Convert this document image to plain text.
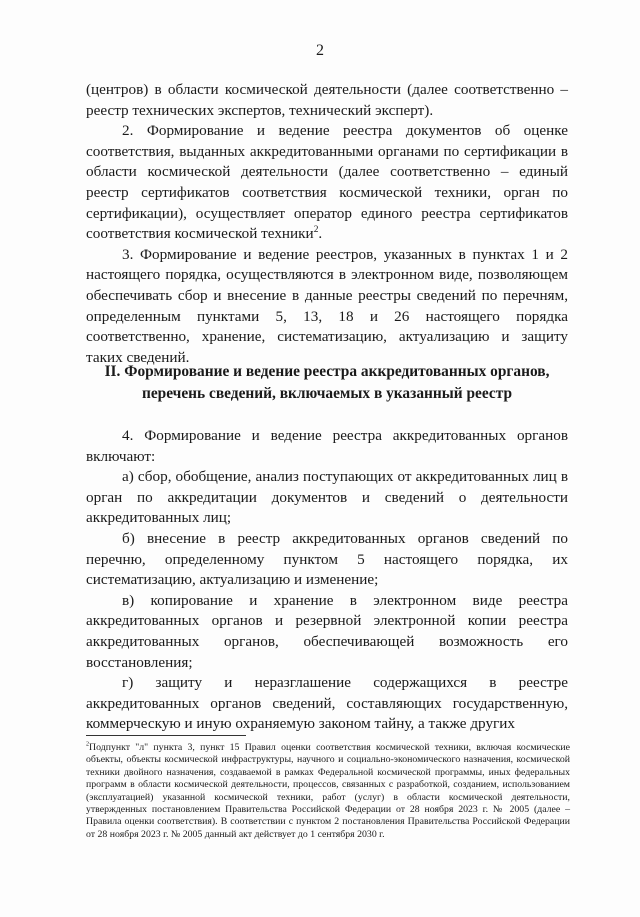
2

(центров) в области космической деятельности (далее соответственно – реестр технических экспертов, технический эксперт).

2. Формирование и ведение реестра документов об оценке соответствия, выданных аккредитованными органами по сертификации в области космической деятельности (далее соответственно – единый реестр сертификатов соответствия космической техники, орган по сертификации), осуществляет оператор единого реестра сертификатов соответствия космической техники$^2$.

3. Формирование и ведение реестров, указанных в пунктах 1 и 2 настоящего порядка, осуществляются в электронном виде, позволяющем обеспечивать сбор и внесение в данные реестры сведений по перечням, определенным пунктами 5, 13, 18 и 26 настоящего порядка соответственно, хранение, систематизацию, актуализацию и защиту таких сведений.

II. Формирование и ведение реестра аккредитованных органов,
перечень сведений, включаемых в указанный реестр

4. Формирование и ведение реестра аккредитованных органов включают:

а) сбор, обобщение, анализ поступающих от аккредитованных лиц в орган по аккредитации документов и сведений о деятельности аккредитованных лиц;

б) внесение в реестр аккредитованных органов сведений по перечню, определенному пунктом 5 настоящего порядка, их систематизацию, актуализацию и изменение;

в) копирование и хранение в электронном виде реестра аккредитованных органов и резервной электронной копии реестра аккредитованных органов, обеспечивающей возможность его восстановления;

г) защиту и неразглашение содержащихся в реестре аккредитованных органов сведений, составляющих государственную, коммерческую и иную охраняемую законом тайну, а также других

$^2$Подпункт "л" пункта 3, пункт 15 Правил оценки соответствия космической техники, включая космические объекты, объекты космической инфраструктуры, научного и социально-экономического назначения, космической техники двойного назначения, создаваемой в рамках Федеральной космической программы, иных федеральных программ в области космической деятельности, процессов, связанных с разработкой, созданием, использованием (эксплуатацией) указанной космической техники, работ (услуг) в области космической деятельности, утвержденных постановлением Правительства Российской Федерации от 28 ноября 2023 г. № 2005 (далее – Правила оценки соответствия). В соответствии с пунктом 2 постановления Правительства Российской Федерации от 28 ноября 2023 г. № 2005 данный акт действует до 1 сентября 2030 г.
